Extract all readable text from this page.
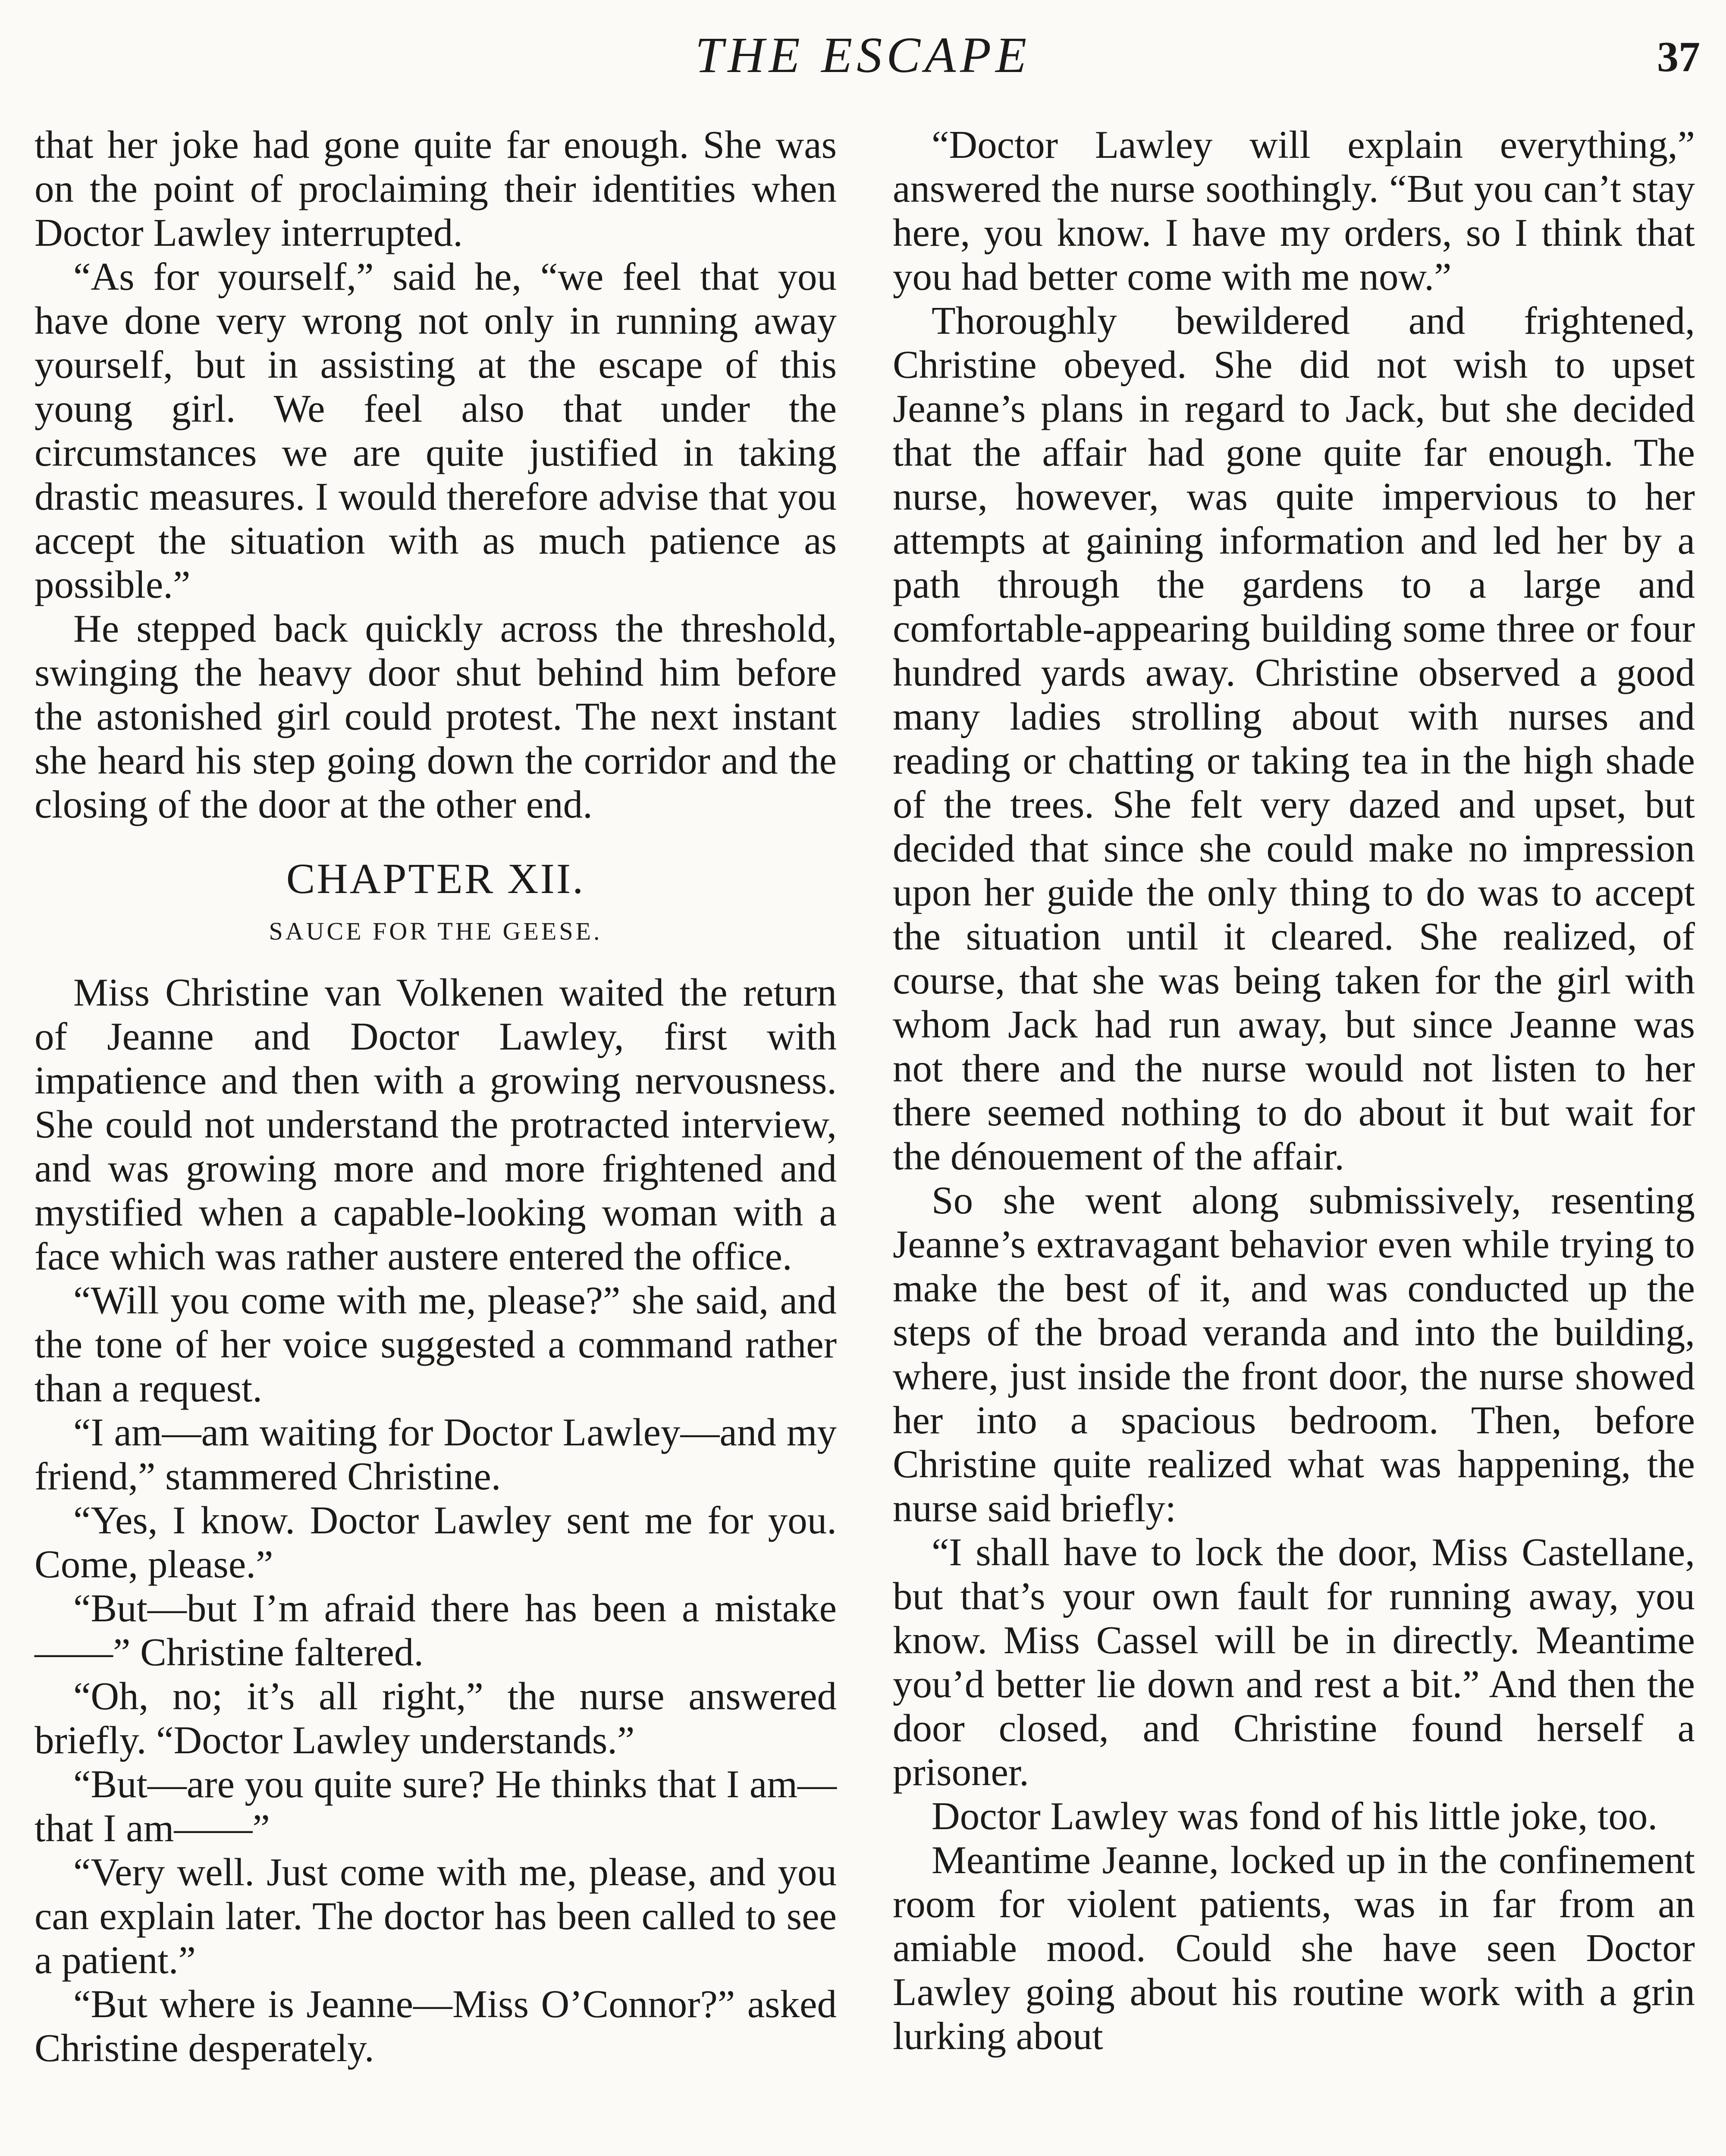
THE ESCAPE	37

that her joke had gone quite far enough. She was on the point of proclaiming their identities when Doctor Lawley interrupted.

“As for yourself,” said he, “we feel that you have done very wrong not only in running away yourself, but in assisting at the escape of this young girl. We feel also that under the circumstances we are quite justified in taking drastic measures. I would therefore advise that you accept the situation with as much patience as possible.”

He stepped back quickly across the threshold, swinging the heavy door shut behind him before the astonished girl could protest. The next instant she heard his step going down the corridor and the closing of the door at the other end.

CHAPTER XII.
SAUCE FOR THE GEESE.

Miss Christine van Volkenen waited the return of Jeanne and Doctor Lawley, first with impatience and then with a growing nervousness. She could not understand the protracted interview, and was growing more and more frightened and mystified when a capable-looking woman with a face which was rather austere entered the office.

“Will you come with me, please?” she said, and the tone of her voice suggested a command rather than a request.

“I am—am waiting for Doctor Lawley—and my friend,” stammered Christine.

“Yes, I know. Doctor Lawley sent me for you. Come, please.”

“But—but I’m afraid there has been a mistake——” Christine faltered.

“Oh, no; it’s all right,” the nurse answered briefly. “Doctor Lawley understands.”

“But—are you quite sure? He thinks that I am—that I am——”

“Very well. Just come with me, please, and you can explain later. The doctor has been called to see a patient.”

“But where is Jeanne—Miss O’Connor?” asked Christine desperately.

“Doctor Lawley will explain everything,” answered the nurse soothingly. “But you can’t stay here, you know. I have my orders, so I think that you had better come with me now.”

Thoroughly bewildered and frightened, Christine obeyed. She did not wish to upset Jeanne’s plans in regard to Jack, but she decided that the affair had gone quite far enough. The nurse, however, was quite impervious to her attempts at gaining information and led her by a path through the gardens to a large and comfortable-appearing building some three or four hundred yards away. Christine observed a good many ladies strolling about with nurses and reading or chatting or taking tea in the high shade of the trees. She felt very dazed and upset, but decided that since she could make no impression upon her guide the only thing to do was to accept the situation until it cleared. She realized, of course, that she was being taken for the girl with whom Jack had run away, but since Jeanne was not there and the nurse would not listen to her there seemed nothing to do about it but wait for the dénouement of the affair.

So she went along submissively, resenting Jeanne’s extravagant behavior even while trying to make the best of it, and was conducted up the steps of the broad veranda and into the building, where, just inside the front door, the nurse showed her into a spacious bedroom. Then, before Christine quite realized what was happening, the nurse said briefly:

“I shall have to lock the door, Miss Castellane, but that’s your own fault for running away, you know. Miss Cassel will be in directly. Meantime you’d better lie down and rest a bit.” And then the door closed, and Christine found herself a prisoner.

Doctor Lawley was fond of his little joke, too.

Meantime Jeanne, locked up in the confinement room for violent patients, was in far from an amiable mood. Could she have seen Doctor Lawley going about his routine work with a grin lurking about
